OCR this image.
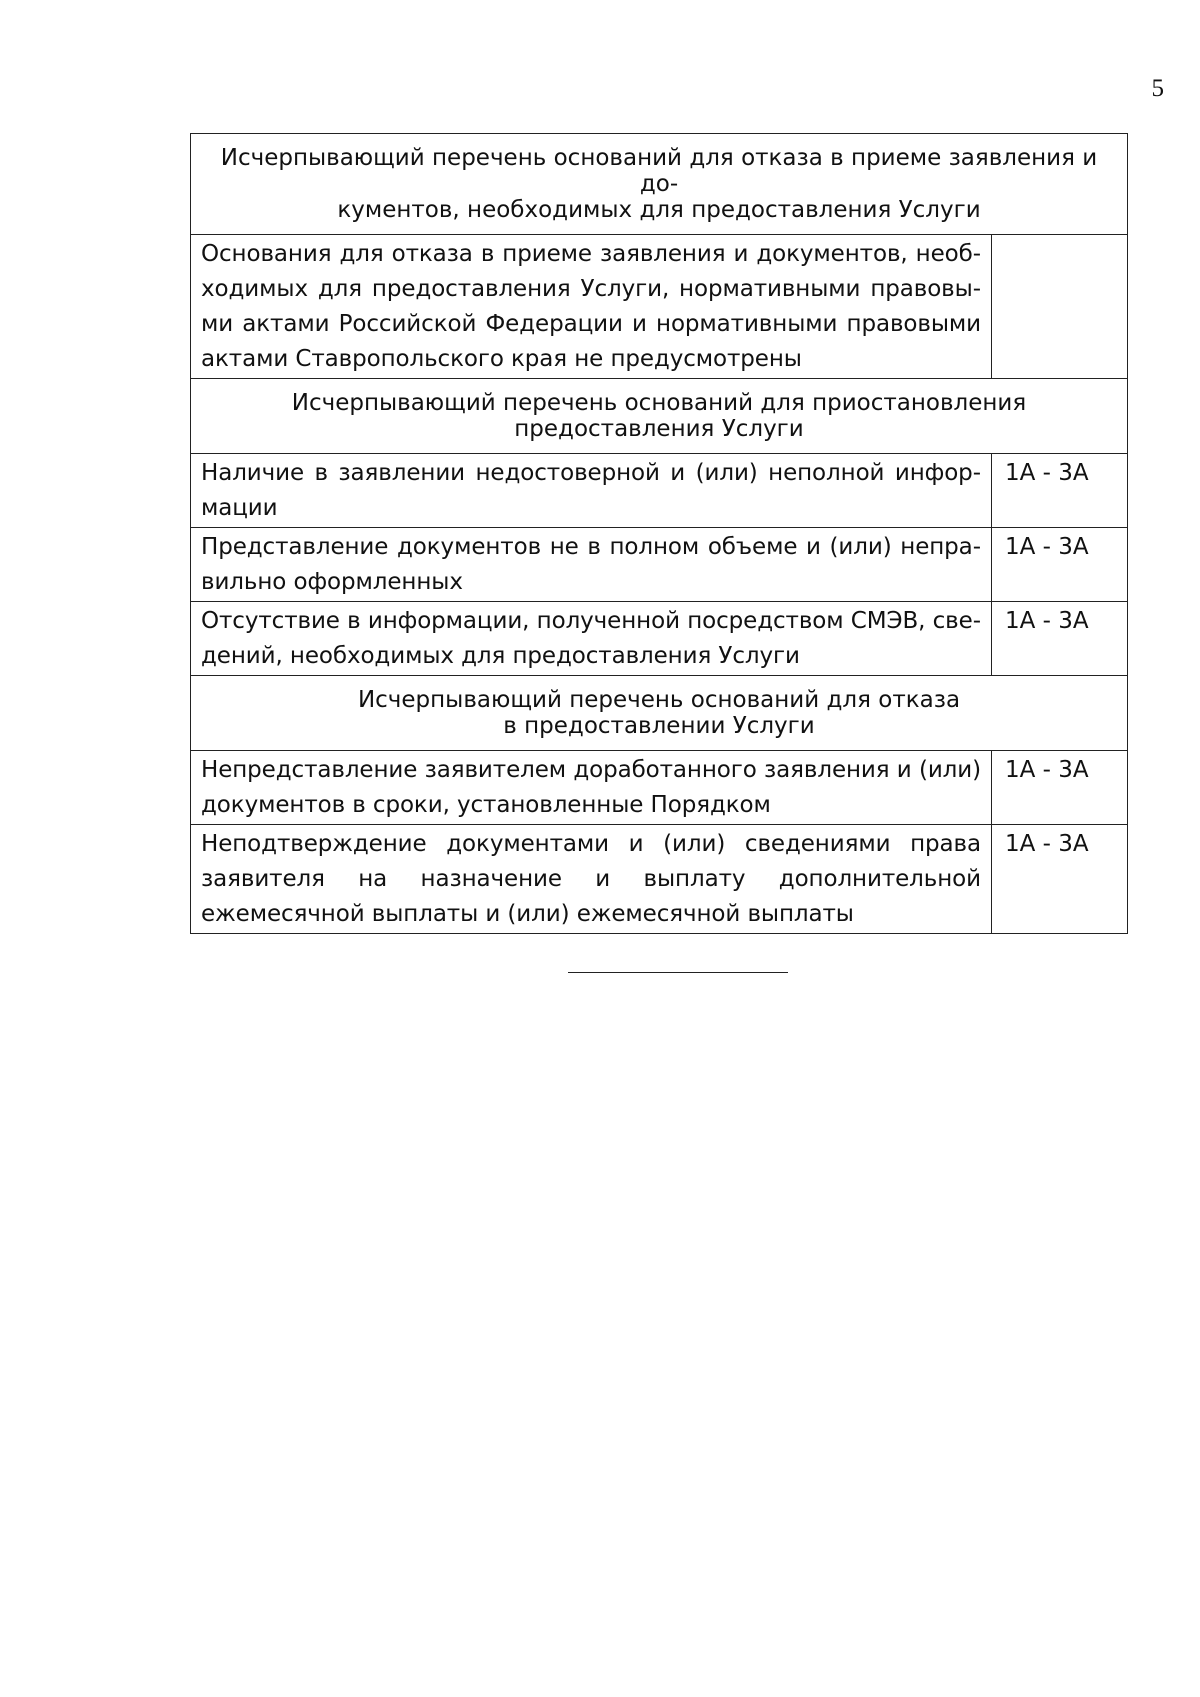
5
Исчерпывающий перечень оснований для отказа в приеме заявления и до-
кументов, необходимых для предоставления Услуги	

Основания для отказа в приеме заявления и документов, необходимых для предоставления Услуги, нормативными правовыми актами Российской Федерации и нормативными правовыми актами Ставропольского края не предусмотрены	

Исчерпывающий перечень оснований для приостановления
предоставления Услуги	

Наличие в заявлении недостоверной и (или) неполной информации	1А - 3А
Представление документов не в полном объеме и (или) неправильно оформленных	1А - 3А
Отсутствие в информации, полученной посредством СМЭВ, сведений, необходимых для предоставления Услуги	1А - 3А

Исчерпывающий перечень оснований для отказа
в предоставлении Услуги	

Непредставление заявителем доработанного заявления и (или) документов в сроки, установленные Порядком	1А - 3А
Неподтверждение документами и (или) сведениями права заявителя на назначение и выплату дополнительной ежемесячной выплаты и (или) ежемесячной выплаты	1А - 3А
